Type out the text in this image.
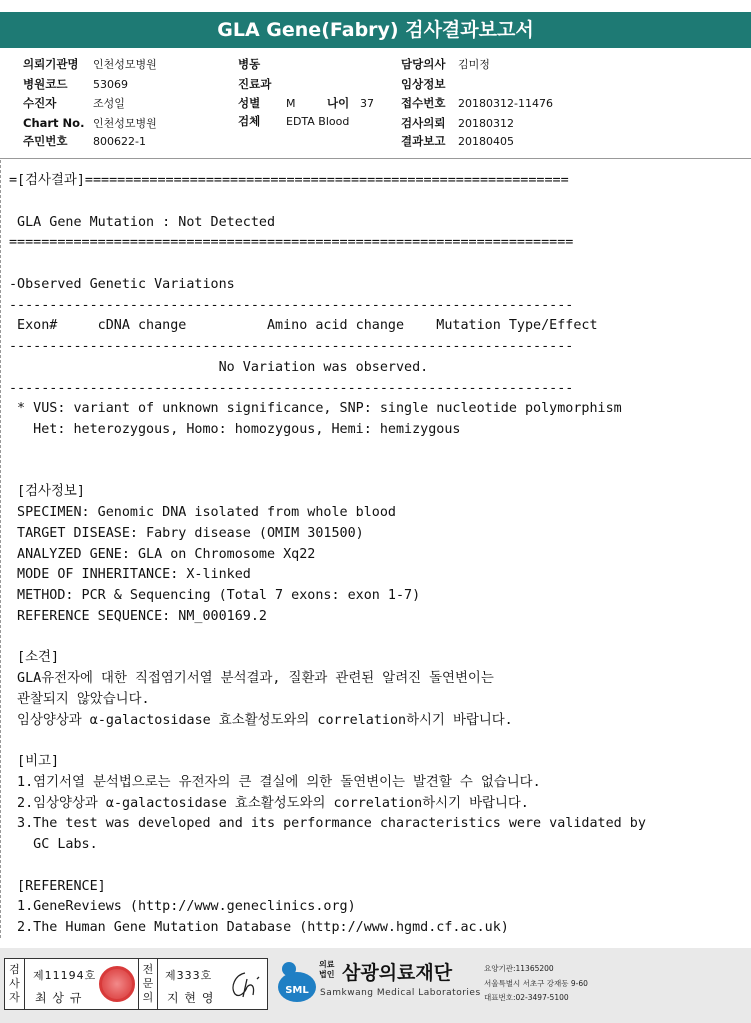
GLA Gene(Fabry) 검사결과보고서
의뢰기관명 인천성모병원
병원코드 53069
수진자	조성일
Chart No. 인천성모병원
주민번호 800622-1
병동
진료과
성별 M	나이 37
검체 EDTA Blood
담당의사 김미정
임상정보
접수번호 20180312-11476
검사의뢰 20180312
결과보고 20180405
=[검사결과]============================================================

GLA Gene Mutation : Not Detected
======================================================================

-Observed Genetic Variations
----------------------------------------------------------------------
Exon#     cDNA change          Amino acid change    Mutation Type/Effect
----------------------------------------------------------------------
No Variation was observed.
----------------------------------------------------------------------
* VUS: variant of unknown significance, SNP: single nucleotide polymorphism
Het: heterozygous, Homo: homozygous, Hemi: hemizygous

[검사정보]
SPECIMEN: Genomic DNA isolated from whole blood
TARGET DISEASE: Fabry disease (OMIM 301500)
ANALYZED GENE: GLA on Chromosome Xq22
MODE OF INHERITANCE: X-linked
METHOD: PCR & Sequencing (Total 7 exons: exon 1-7)
REFERENCE SEQUENCE: NM_000169.2

[소견]
GLA유전자에 대한 직접염기서열 분석결과, 질환과 관련된 알려진 돌연변이는
관찰되지 않았습니다.
임상양상과 α-galactosidase 효소활성도와의 correlation하시기 바랍니다.

[비고]
1.염기서열 분석법으로는 유전자의 큰 결실에 의한 돌연변이는 발견할 수 없습니다.
2.임상양상과 α-galactosidase 효소활성도와의 correlation하시기 바랍니다.
3.The test was developed and its performance characteristics were validated by
GC Labs.

[REFERENCE]
1.GeneReviews (http://www.geneclinics.org)
2.The Human Gene Mutation Database (http://www.hgmd.cf.ac.uk)
검
사
자
제11194호
최 상 규
전
문
의
제333호
지 현 영
SML
의료
법인 삼광의료재단
Samkwang Medical Laboratories
요양기관:11365200
서울특별시 서초구 강재동 9-60
대표번호:02-3497-5100
